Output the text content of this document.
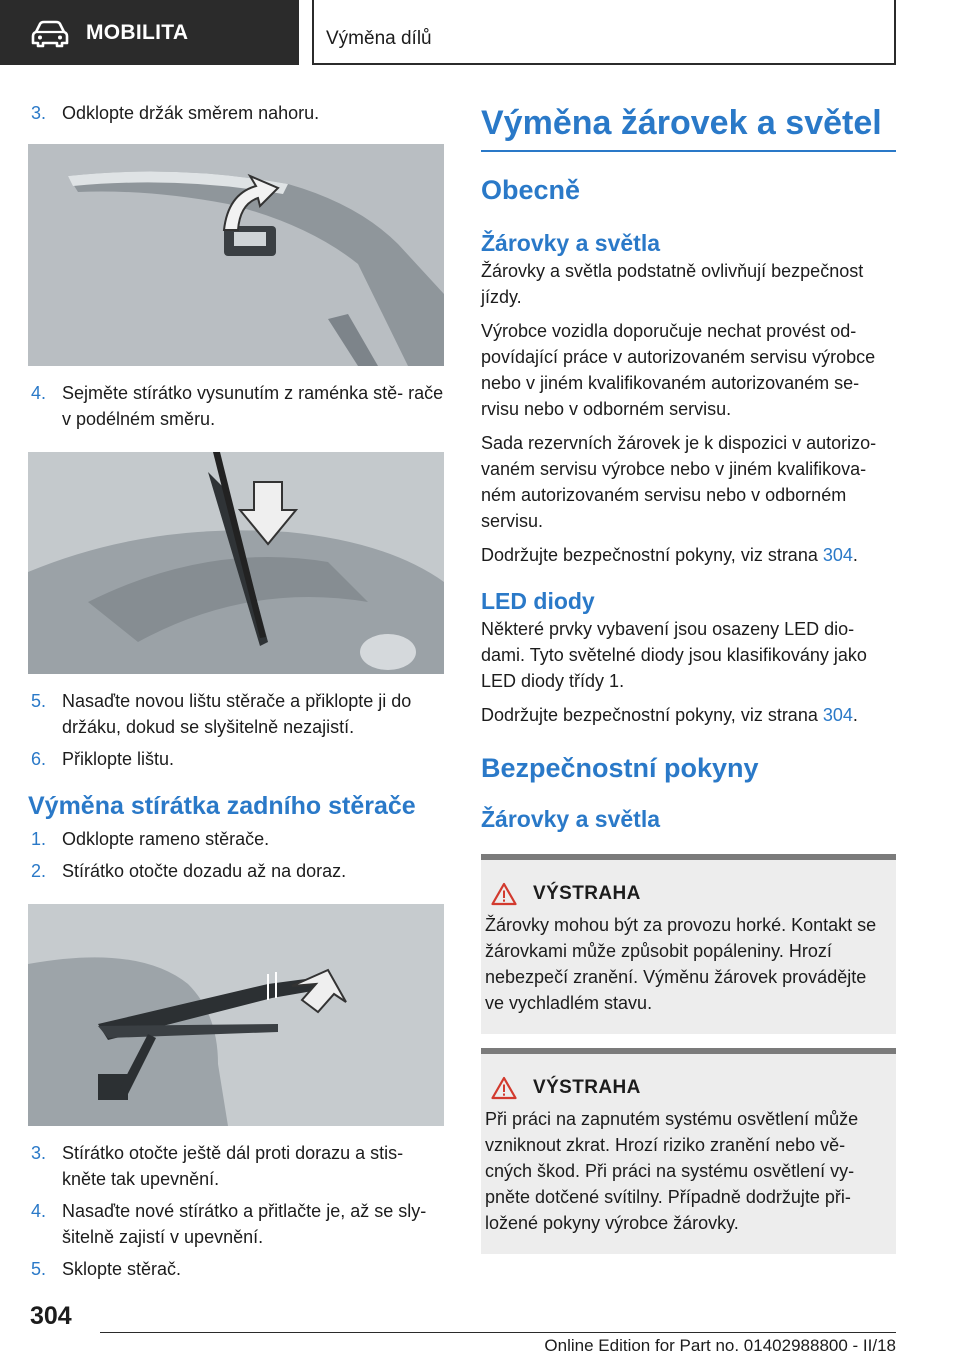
MOBILITA	Výměna dílů
3. Odklopte držák směrem nahoru.
4. Sejměte stírátko vysunutím z raménka stě‐ rače v podélném směru.
5. Nasaďte novou lištu stěrače a přiklopte ji do držáku, dokud se slyšitelně nezajistí.
6. Přiklopte lištu.
Výměna stírátka zadního stěrače
1. Odklopte rameno stěrače.
2. Stírátko otočte dozadu až na doraz.
3. Stírátko otočte ještě dál proti dorazu a stis‐ kněte tak upevnění.
4. Nasaďte nové stírátko a přitlačte je, až se sly‐ šitelně zajistí v upevnění.
5. Sklopte stěrač.
Výměna žárovek a světel
Obecně
Žárovky a světla
Žárovky a světla podstatně ovlivňují bezpečnost jízdy.
Výrobce vozidla doporučuje nechat provést od‐ povídající práce v autorizovaném servisu výrobce nebo v jiném kvalifikovaném autorizovaném se‐ rvisu nebo v odborném servisu.
Sada rezervních žárovek je k dispozici v autorizo‐ vaném servisu výrobce nebo v jiném kvalifikova‐ ném autorizovaném servisu nebo v odborném servisu.
Dodržujte bezpečnostní pokyny, viz strana 304.
LED diody
Některé prvky vybavení jsou osazeny LED dio‐ dami. Tyto světelné diody jsou klasifikovány jako LED diody třídy 1.
Dodržujte bezpečnostní pokyny, viz strana 304.
Bezpečnostní pokyny
Žárovky a světla
VÝSTRAHA
Žárovky mohou být za provozu horké. Kontakt se žárovkami může způsobit popáleniny. Hrozí nebezpečí zranění. Výměnu žárovek provádějte ve vychladlém stavu.
VÝSTRAHA
Při práci na zapnutém systému osvětlení může vzniknout zkrat. Hrozí riziko zranění nebo vě‐ cných škod. Při práci na systému osvětlení vy‐ pněte dotčené svítilny. Případně dodržujte při‐ ložené pokyny výrobce žárovky.
304
Online Edition for Part no. 01402988800 - II/18
